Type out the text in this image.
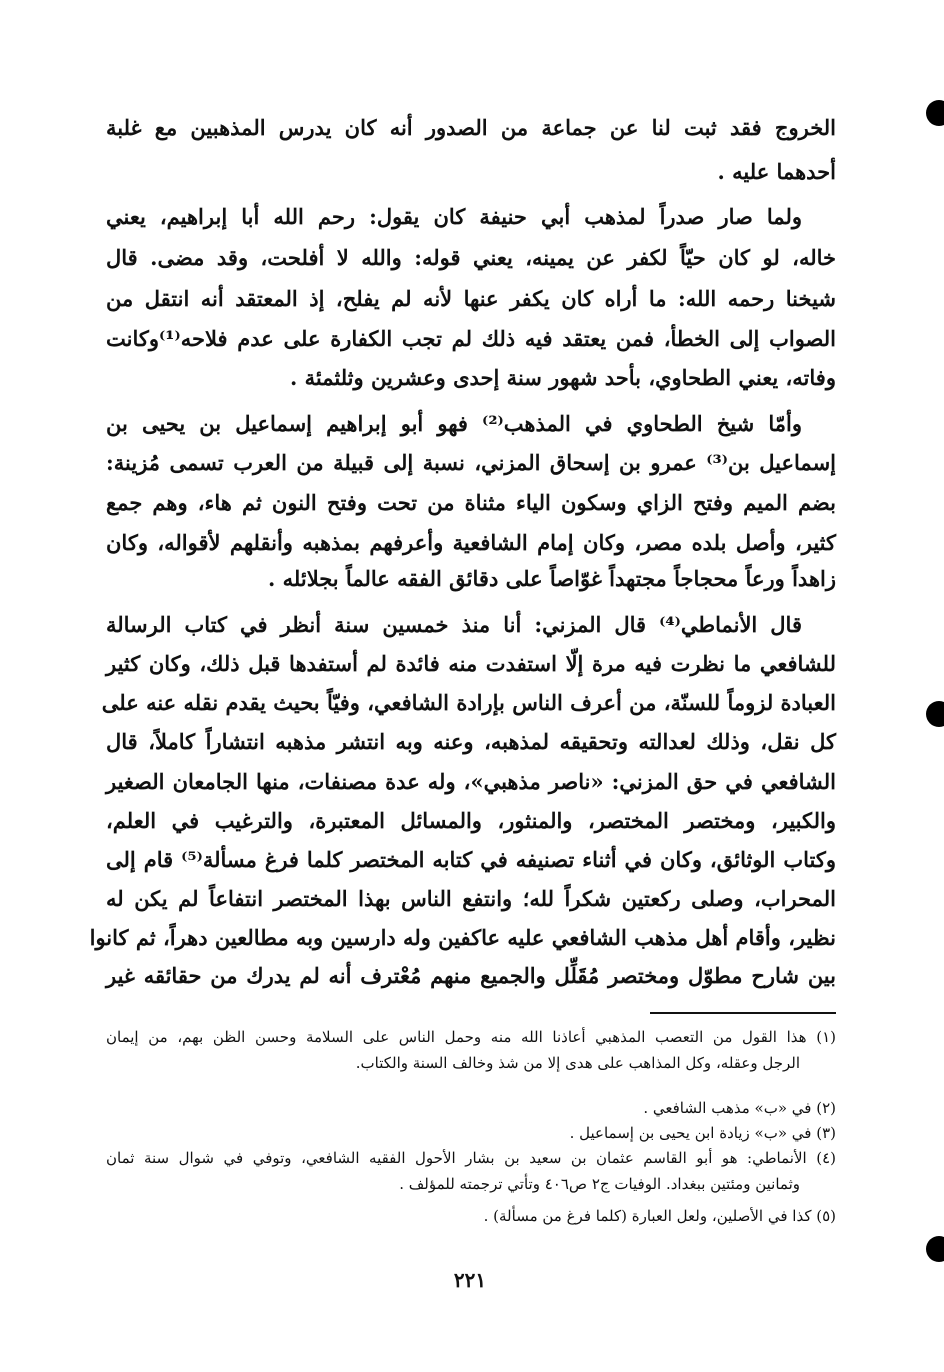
الخروج فقد ثبت لنا عن جماعة من الصدور أنه كان يدرس المذهبين مع غلبة
أحدهما عليه .
ولما صار صدراً لمذهب أبي حنيفة كان يقول: رحم الله أبا إبراهيم، يعني
خاله، لو كان حيّاً لكفر عن يمينه، يعني قوله: والله لا أفلحت، وقد مضى. قال
شيخنا رحمه الله: ما أراه كان يكفر عنها لأنه لم يفلح، إذ المعتقد أنه انتقل من
الصواب إلى الخطأ، فمن يعتقد فيه ذلك لم تجب الكفارة على عدم فلاحه⁽¹⁾وكانت
وفاته، يعني الطحاوي، بأحد شهور سنة إحدى وعشرين وثلثمئة .
وأمّا شيخ الطحاوي في المذهب⁽²⁾ فهو أبو إبراهيم إسماعيل بن يحيى بن
إسماعيل بن⁽³⁾ عمرو بن إسحاق المزني، نسبة إلى قبيلة من العرب تسمى مُزينة:
بضم الميم وفتح الزاي وسكون الياء مثناة من تحت وفتح النون ثم هاء، وهم جمع
كثير، وأصل بلده مصر، وكان إمام الشافعية وأعرفهم بمذهبه وأنقلهم لأقواله، وكان
زاهداً ورعاً محجاجاً مجتهداً غوّاصاً على دقائق الفقه عالماً بجلائله .
قال الأنماطي⁽⁴⁾ قال المزني: أنا منذ خمسين سنة أنظر في كتاب الرسالة
للشافعي ما نظرت فيه مرة إلّا استفدت منه فائدة لم أستفدها قبل ذلك، وكان كثير
العبادة لزوماً للسنّة، من أعرف الناس بإرادة الشافعي، وفيّاً بحيث يقدم نقله عنه على
كل نقل، وذلك لعدالته وتحقيقه لمذهبه، وعنه وبه انتشر مذهبه انتشاراً كاملاً، قال
الشافعي في حق المزني: «ناصر مذهبي»، وله عدة مصنفات، منها الجامعان الصغير
والكبير، ومختصر المختصر، والمنثور، والمسائل المعتبرة، والترغيب في العلم،
وكتاب الوثائق، وكان في أثناء تصنيفه في كتابه المختصر كلما فرغ مسألة⁽⁵⁾ قام إلى
المحراب، وصلى ركعتين شكراً لله؛ وانتفع الناس بهذا المختصر انتفاعاً لم يكن له
نظير، وأقام أهل مذهب الشافعي عليه عاكفين وله دارسين وبه مطالعين دهراً، ثم كانوا
بين شارح مطوّل ومختصر مُقَلِّل والجميع منهم مُعْترف أنه لم يدرك من حقائقه غير
(١) هذا القول من التعصب المذهبي أعاذنا الله منه وحمل الناس على السلامة وحسن الظن بهم، من إيمان
الرجل وعقله، وكل المذاهب على هدى إلا من شذ وخالف السنة والكتاب.
(٢) في «ب» مذهب الشافعي .
(٣) في «ب» زيادة ابن يحيى بن إسماعيل .
(٤) الأنماطي: هو أبو القاسم عثمان بن سعيد بن بشار الأحول الفقيه الشافعي، وتوفي في شوال سنة ثمان
وثمانين ومئتين ببغداد. الوفيات ج٢ ص٤٠٦ وتأتي ترجمته للمؤلف .
(٥) كذا في الأصلين، ولعل العبارة (كلما فرغ من مسألة) .
٢٢١
